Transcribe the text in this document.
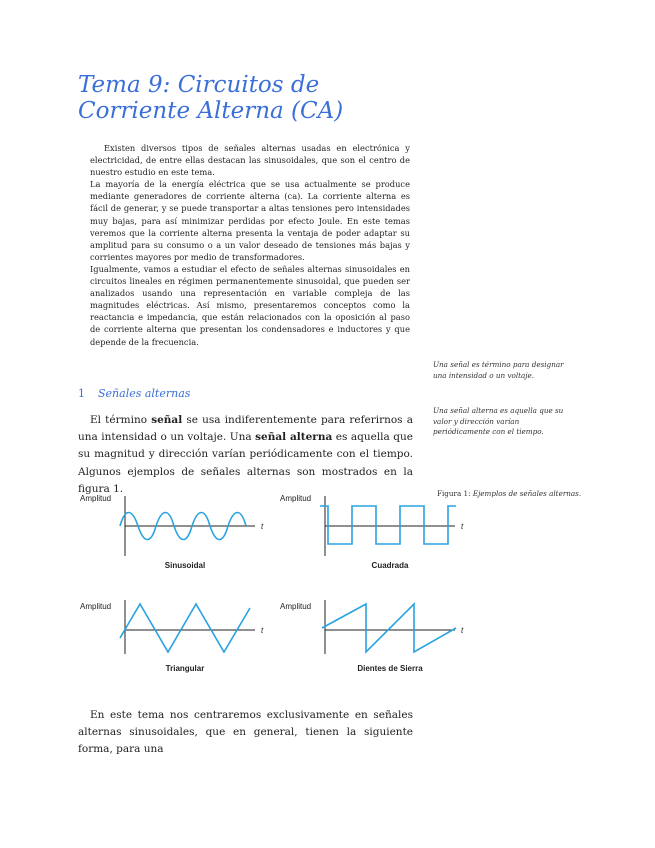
Tema 9: Circuitos de Corriente Alterna (CA)

Existen diversos tipos de señales alternas usadas en electrónica y electricidad, de entre ellas destacan las sinusoidales, que son el centro de nuestro estudio en este tema.

La mayoría de la energía eléctrica que se usa actualmente se produce mediante generadores de corriente alterna (ca). La corriente alterna es fácil de generar, y se puede transportar a altas tensiones pero intensidades muy bajas, para así minimizar perdidas por efecto Joule. En este temas veremos que la corriente alterna presenta la ventaja de poder adaptar su amplitud para su consumo o a un valor deseado de tensiones más bajas y corrientes mayores por medio de transformadores.

Igualmente, vamos a estudiar el efecto de señales alternas sinusoidales en circuitos lineales en régimen permanentemente sinusoidal, que pueden ser analizados usando una representación en variable compleja de las magnitudes eléctricas. Así mismo, presentaremos conceptos como la reactancia e impedancia, que están relacionados con la oposición al paso de corriente alterna que presentan los condensadores e inductores y que depende de la frecuencia.

Una señal es término para designar una intensidad o un voltaje.
Una señal alterna es aquella que su valor y dirección varían periódicamente con el tiempo.
1 Señales alternas

El término señal se usa indiferentemente para referirnos a una intensidad o un voltaje. Una señal alterna es aquella que su magnitud y dirección varían periódicamente con el tiempo. Algunos ejemplos de señales alternas son mostrados en la figura 1.	Figura 1: Ejemplos de señales alternas.
Amplitud
t
Sinusoidal
Amplitud
t
Cuadrada
Amplitud
t
Triangular
Amplitud
t
Dientes de Sierra

En este tema nos centraremos exclusivamente en señales alternas sinusoidales, que en general, tienen la siguiente forma, para una
